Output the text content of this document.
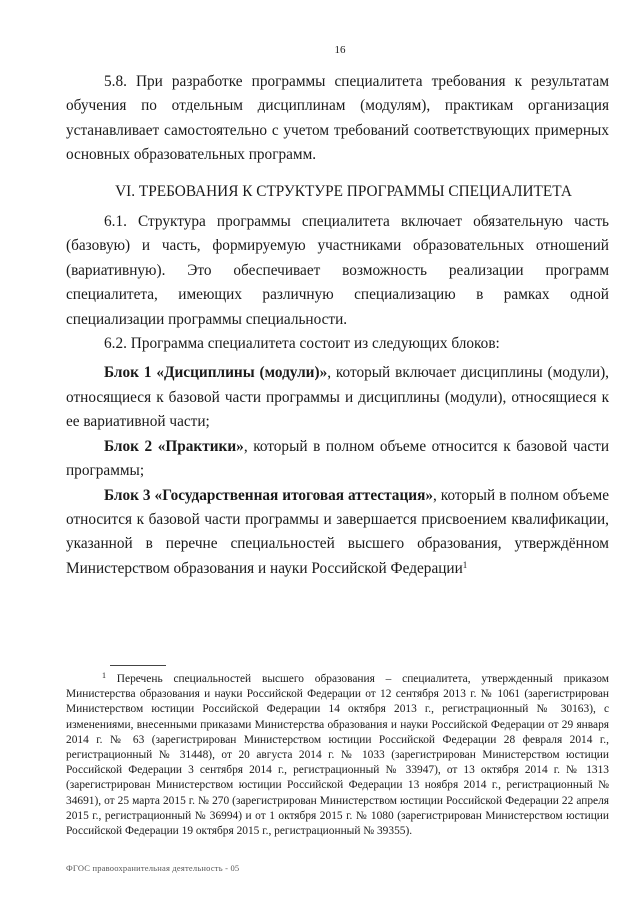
16

5.8. При разработке программы специалитета требования к результатам обучения по отдельным дисциплинам (модулям), практикам организация устанавливает самостоятельно с учетом требований соответствующих примерных основных образовательных программ.

VI. ТРЕБОВАНИЯ К СТРУКТУРЕ ПРОГРАММЫ СПЕЦИАЛИТЕТА

6.1. Структура программы специалитета включает обязательную часть (базовую) и часть, формируемую участниками образовательных отношений (вариативную). Это обеспечивает возможность реализации программ специалитета, имеющих различную специализацию в рамках одной специализации программы специальности.

6.2. Программа специалитета состоит из следующих блоков:

Блок 1 «Дисциплины (модули)», который включает дисциплины (модули), относящиеся к базовой части программы и дисциплины (модули), относящиеся к ее вариативной части;

Блок 2 «Практики», который в полном объеме относится к базовой части программы;

Блок 3 «Государственная итоговая аттестация», который в полном объеме относится к базовой части программы и завершается присвоением квалификации, указанной в перечне специальностей высшего образования, утверждённом Министерством образования и науки Российской Федерации$^1$

$^1$ Перечень специальностей высшего образования – специалитета, утвержденный приказом Министерства образования и науки Российской Федерации от 12 сентября 2013 г. № 1061 (зарегистрирован Министерством юстиции Российской Федерации 14 октября 2013 г., регистрационный № 30163), с изменениями, внесенными приказами Министерства образования и науки Российской Федерации от 29 января 2014 г. № 63 (зарегистрирован Министерством юстиции Российской Федерации 28 февраля 2014 г., регистрационный № 31448), от 20 августа 2014 г. № 1033 (зарегистрирован Министерством юстиции Российской Федерации 3 сентября 2014 г., регистрационный № 33947), от 13 октября 2014 г. № 1313 (зарегистрирован Министерством юстиции Российской Федерации 13 ноября 2014 г., регистрационный № 34691), от 25 марта 2015 г. № 270 (зарегистрирован Министерством юстиции Российской Федерации 22 апреля 2015 г., регистрационный № 36994) и от 1 октября 2015 г. № 1080 (зарегистрирован Министерством юстиции Российской Федерации 19 октября 2015 г., регистрационный № 39355).

ФГОС правоохранительная деятельность - 05
